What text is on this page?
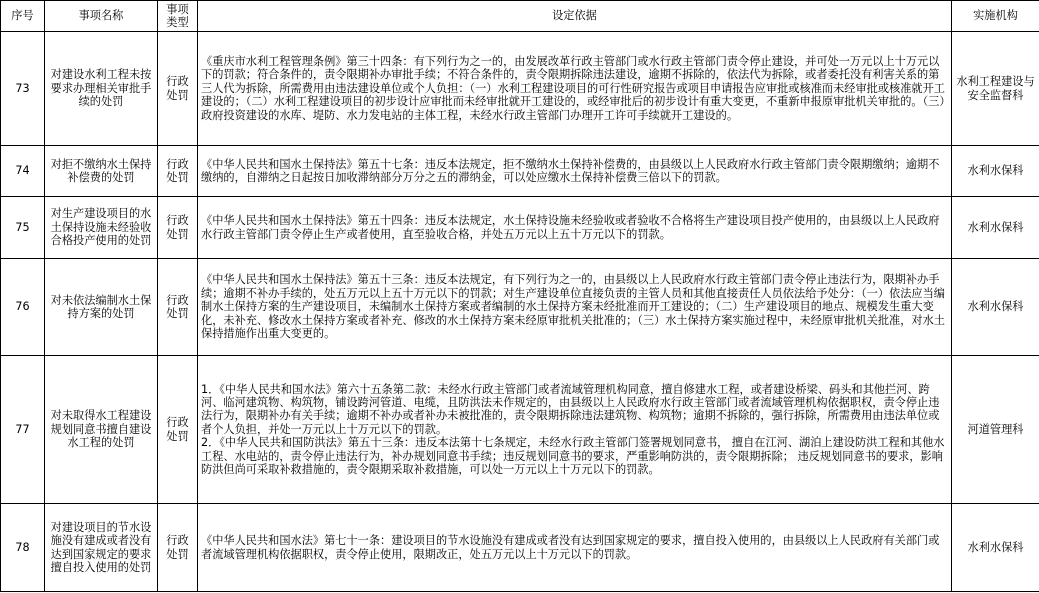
序号	事项名称	事项类型	设定依据	实施机构
73	对建设水利工程未按要求办理相关审批手续的处罚	行政处罚	《重庆市水利工程管理条例》第三十四条：有下列行为之一的，由发展改革行政主管部门或水行政主管部门责令停止建设，并可处一万元以上十万元以下的罚款；符合条件的，责令限期补办审批手续；不符合条件的，责令限期拆除违法建设，逾期不拆除的，依法代为拆除，或者委托没有利害关系的第三人代为拆除，所需费用由违法建设单位或个人负担：（一）水利工程建设项目的可行性研究报告或项目申请报告应审批或核准而未经审批或核准就开工建设的；（二）水利工程建设项目的初步设计应审批而未经审批就开工建设的，或经审批后的初步设计有重大变更，不重新申报原审批机关审批的。（三）政府投资建设的水库、堤防、水力发电站的主体工程，未经水行政主管部门办理开工许可手续就开工建设的。	水利工程建设与安全监督科
74	对拒不缴纳水土保持补偿费的处罚	行政处罚	《中华人民共和国水土保持法》第五十七条：违反本法规定，拒不缴纳水土保持补偿费的，由县级以上人民政府水行政主管部门责令限期缴纳；逾期不缴纳的，自滞纳之日起按日加收滞纳部分万分之五的滞纳金，可以处应缴水土保持补偿费三倍以下的罚款。	水利水保科
75	对生产建设项目的水土保持设施未经验收合格投产使用的处罚	行政处罚	《中华人民共和国水土保持法》第五十四条：违反本法规定，水土保持设施未经验收或者验收不合格将生产建设项目投产使用的，由县级以上人民政府水行政主管部门责令停止生产或者使用，直至验收合格，并处五万元以上五十万元以下的罚款。	水利水保科
76	对未依法编制水土保持方案的处罚	行政处罚	《中华人民共和国水土保持法》第五十三条：违反本法规定，有下列行为之一的，由县级以上人民政府水行政主管部门责令停止违法行为，限期补办手续；逾期不补办手续的，处五万元以上五十万元以下的罚款；对生产建设单位直接负责的主管人员和其他直接责任人员依法给予处分：（一）依法应当编制水土保持方案的生产建设项目，未编制水土保持方案或者编制的水土保持方案未经批准而开工建设的；（二）生产建设项目的地点、规模发生重大变化，未补充、修改水土保持方案或者补充、修改的水土保持方案未经原审批机关批准的；（三）水土保持方案实施过程中，未经原审批机关批准，对水土保持措施作出重大变更的。	水利水保科
77	对未取得水工程建设规划同意书擅自建设水工程的处罚	行政处罚	1．《中华人民共和国水法》第六十五条第二款：未经水行政主管部门或者流域管理机构同意，擅自修建水工程，或者建设桥梁、码头和其他拦河、跨河、临河建筑物、构筑物，铺设跨河管道、电缆，且防洪法未作规定的，由县级以上人民政府水行政主管部门或者流域管理机构依据职权，责令停止违法行为，限期补办有关手续；逾期不补办或者补办未被批准的，责令限期拆除违法建筑物、构筑物；逾期不拆除的，强行拆除，所需费用由违法单位或者个人负担，并处一万元以上十万元以下的罚款。
2．《中华人民共和国防洪法》第五十三条：违反本法第十七条规定，未经水行政主管部门签署规划同意书， 擅自在江河、湖泊上建设防洪工程和其他水工程、水电站的，责令停止违法行为，补办规划同意书手续；违反规划同意书的要求，严重影响防洪的，责令限期拆除； 违反规划同意书的要求，影响防洪但尚可采取补救措施的，责令限期采取补救措施，可以处一万元以上十万元以下的罚款。	河道管理科
78	对建设项目的节水设施没有建成或者没有达到国家规定的要求擅自投入使用的处罚	行政处罚	《中华人民共和国水法》第七十一条：建设项目的节水设施没有建成或者没有达到国家规定的要求，擅自投入使用的，由县级以上人民政府有关部门或者流域管理机构依据职权，责令停止使用，限期改正，处五万元以上十万元以下的罚款。	水利水保科
